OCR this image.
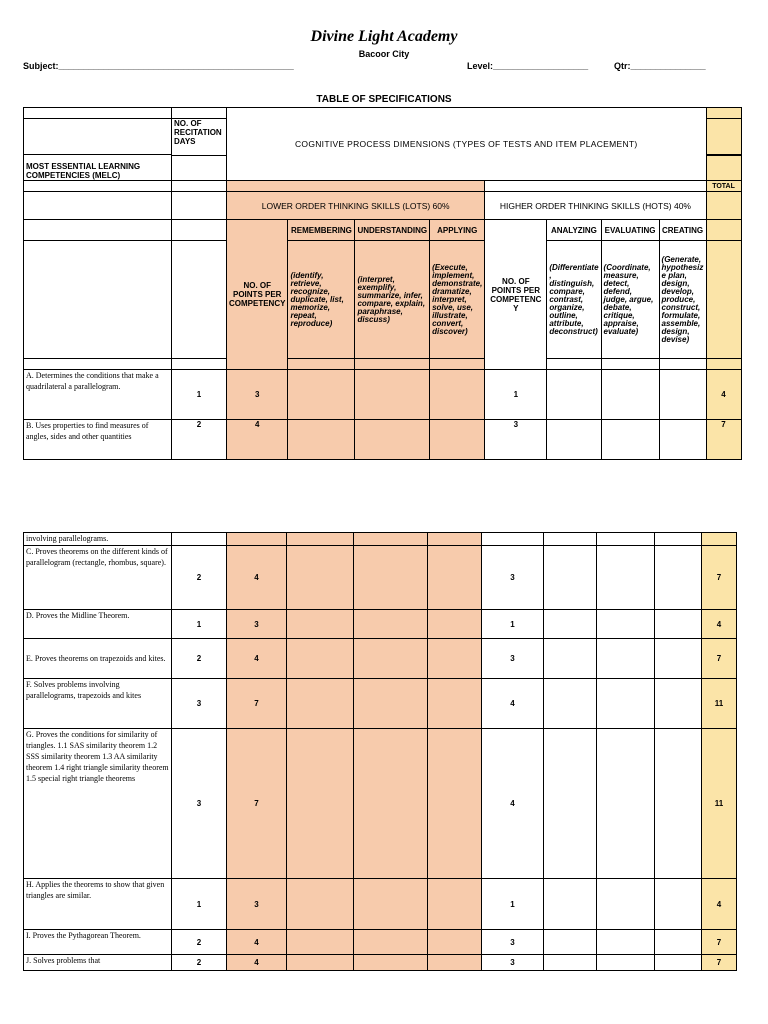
Divine Light Academy
Bacoor City
Subject:_______________________________________________	Level:___________________	Qtr:_______________
TABLE OF SPECIFICATIONS
		COGNITIVE PROCESS DIMENSIONS (TYPES OF TESTS AND ITEM PLACEMENT)								
	NO. OF RECITATION DAYS									
MOST ESSENTIAL LEARNING COMPETENCIES (MELC)										

										TOTAL
		LOWER ORDER THINKING SKILLS (LOTS) 60%				HIGHER ORDER THINKING SKILLS (HOTS) 40%				
		NO. OF POINTS PER COMPETENCY	REMEMBERING	UNDERSTANDING	APPLYING	NO. OF POINTS PER COMPETENC Y	ANALYZING	EVALUATING	CREATING	
			(identify, retrieve, recognize, duplicate, list, memorize, repeat, reproduce)	(interpret, exemplify, summarize, infer, compare, explain, paraphrase, discuss)	(Execute, implement, demonstrate, dramatize, interpret, solve, use, illustrate, convert, discover)		(Differentiate , distinguish, compare, contrast, organize, outline, attribute, deconstruct)	(Coordinate, measure, detect, defend, judge, argue, debate, critique, appraise, evaluate)	(Generate, hypothesiz e plan, design, develop, produce, construct, formulate, assemble, design, devise)	

A. Determines the conditions that make a quadrilateral a parallelogram.	1	3				1				4
B. Uses properties to find measures of angles, sides and other quantities	2	4				3				7
involving parallelograms.										
C. Proves theorems on the different kinds of parallelogram (rectangle, rhombus, square).	2	4				3				7
D. Proves the Midline Theorem.	1	3				1				4
E. Proves theorems on trapezoids and kites.	2	4				3				7
F. Solves problems involving parallelograms, trapezoids and kites	3	7				4				11
G. Proves the conditions for similarity of triangles. 1.1 SAS similarity theorem 1.2 SSS similarity theorem 1.3 AA similarity theorem 1.4 right triangle similarity theorem 1.5 special right triangle theorems	3	7				4				11
H. Applies the theorems to show that given triangles are similar.	1	3				1				4
I. Proves the Pythagorean Theorem.	2	4				3				7
J. Solves problems that	2	4				3				7
